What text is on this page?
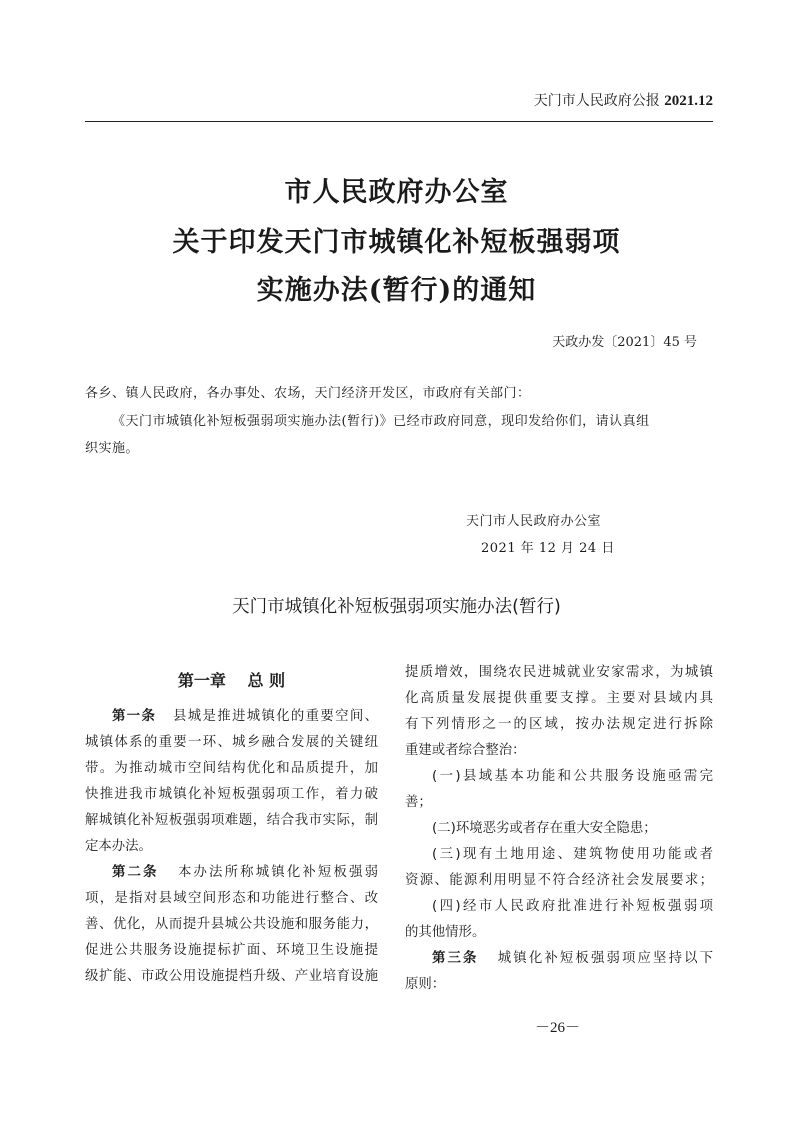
天门市人民政府公报 2021.12
市人民政府办公室
关于印发天门市城镇化补短板强弱项
实施办法(暂行)的通知
天政办发〔2021〕45 号
各乡、镇人民政府，各办事处、农场，天门经济开发区，市政府有关部门：
《天门市城镇化补短板强弱项实施办法(暂行)》已经市政府同意，现印发给你们，请认真组
织实施。
天门市人民政府办公室
2021 年 12 月 24 日
天门市城镇化补短板强弱项实施办法(暂行)
第一章　 总 则
第一条 县城是推进城镇化的重要空间、
城镇体系的重要一环、城乡融合发展的关键纽
带。为推动城市空间结构优化和品质提升，加
快推进我市城镇化补短板强弱项工作，着力破
解城镇化补短板强弱项难题，结合我市实际，制
定本办法。
第二条 本办法所称城镇化补短板强弱
项，是指对县域空间形态和功能进行整合、改
善、优化，从而提升县城公共设施和服务能力，
促进公共服务设施提标扩面、环境卫生设施提
级扩能、市政公用设施提档升级、产业培育设施
提质增效，围绕农民进城就业安家需求，为城镇
化高质量发展提供重要支撑。主要对县域内具
有下列情形之一的区域，按办法规定进行拆除
重建或者综合整治：
(一)县域基本功能和公共服务设施亟需完
善；
(二)环境恶劣或者存在重大安全隐患；
(三)现有土地用途、建筑物使用功能或者
资源、能源利用明显不符合经济社会发展要求；
(四)经市人民政府批准进行补短板强弱项
的其他情形。
第三条 城镇化补短板强弱项应坚持以下
原则：
－26－
